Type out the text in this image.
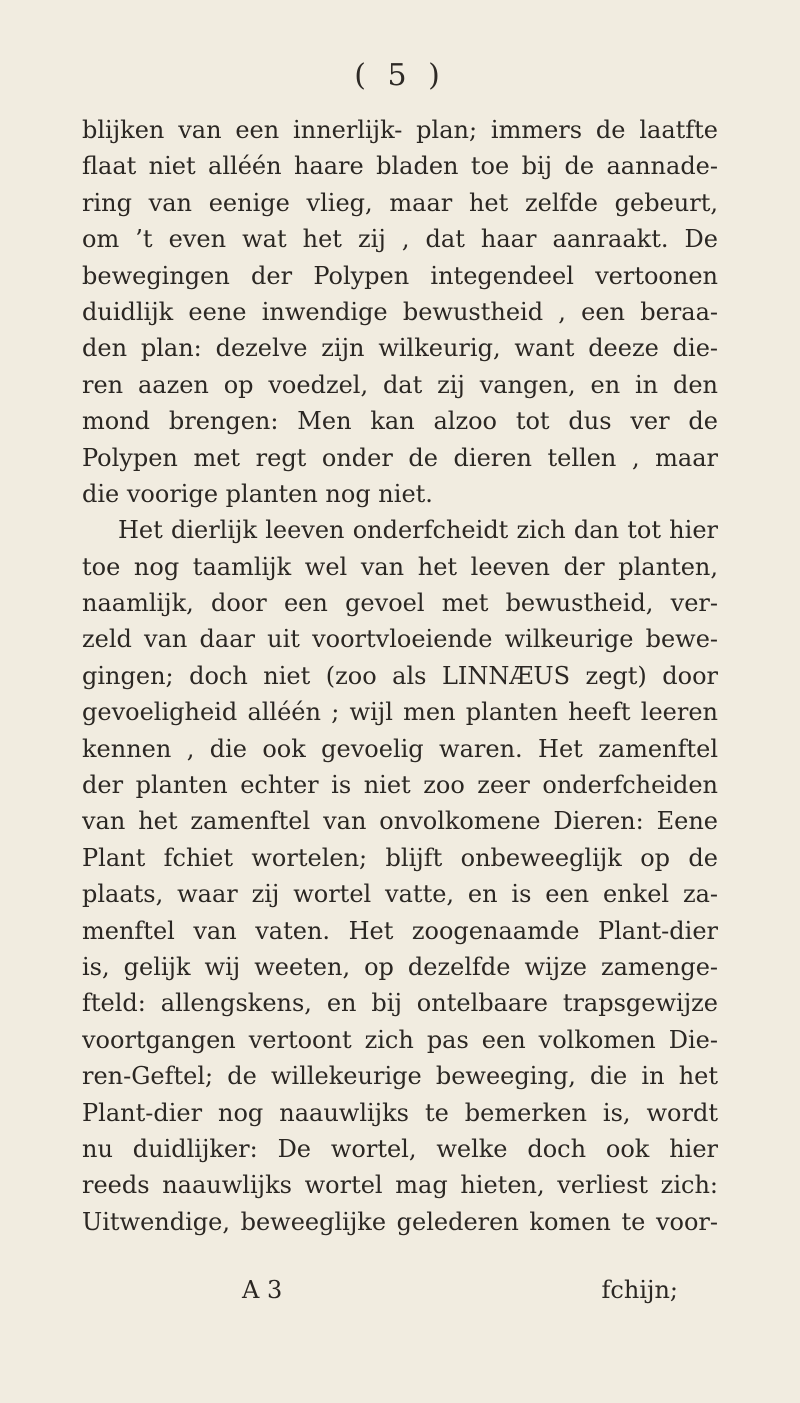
( 5 )
blijken van een innerlijk- plan; immers de laatfte
flaat niet alléén haare bladen toe bij de aannade-
ring van eenige vlieg, maar het zelfde gebeurt,
om ’t even wat het zij , dat haar aanraakt. De
bewegingen der Polypen integendeel vertoonen
duidlijk eene inwendige bewustheid , een beraa-
den plan: dezelve zijn wilkeurig, want deeze die-
ren aazen op voedzel, dat zij vangen, en in den
mond brengen: Men kan alzoo tot dus ver de
Polypen met regt onder de dieren tellen , maar
die voorige planten nog niet.
Het dierlijk leeven onderfcheidt zich dan tot hier
toe nog taamlijk wel van het leeven der planten,
naamlijk, door een gevoel met bewustheid, ver-
zeld van daar uit voortvloeiende wilkeurige bewe-
gingen; doch niet (zoo als LINNÆUS zegt) door
gevoeligheid alléén ; wijl men planten heeft leeren
kennen , die ook gevoelig waren. Het zamenftel
der planten echter is niet zoo zeer onderfcheiden
van het zamenftel van onvolkomene Dieren: Eene
Plant fchiet wortelen; blijft onbeweeglijk op de
plaats, waar zij wortel vatte, en is een enkel za-
menftel van vaten. Het zoogenaamde Plant-dier
is, gelijk wij weeten, op dezelfde wijze zamenge-
fteld: allengskens, en bij ontelbaare trapsgewijze
voortgangen vertoont zich pas een volkomen Die-
ren-Geftel; de willekeurige beweeging, die in het
Plant-dier nog naauwlijks te bemerken is, wordt
nu duidlijker: De wortel, welke doch ook hier
reeds naauwlijks wortel mag hieten, verliest zich:
Uitwendige, beweeglijke gelederen komen te voor-
A 3	fchijn;
